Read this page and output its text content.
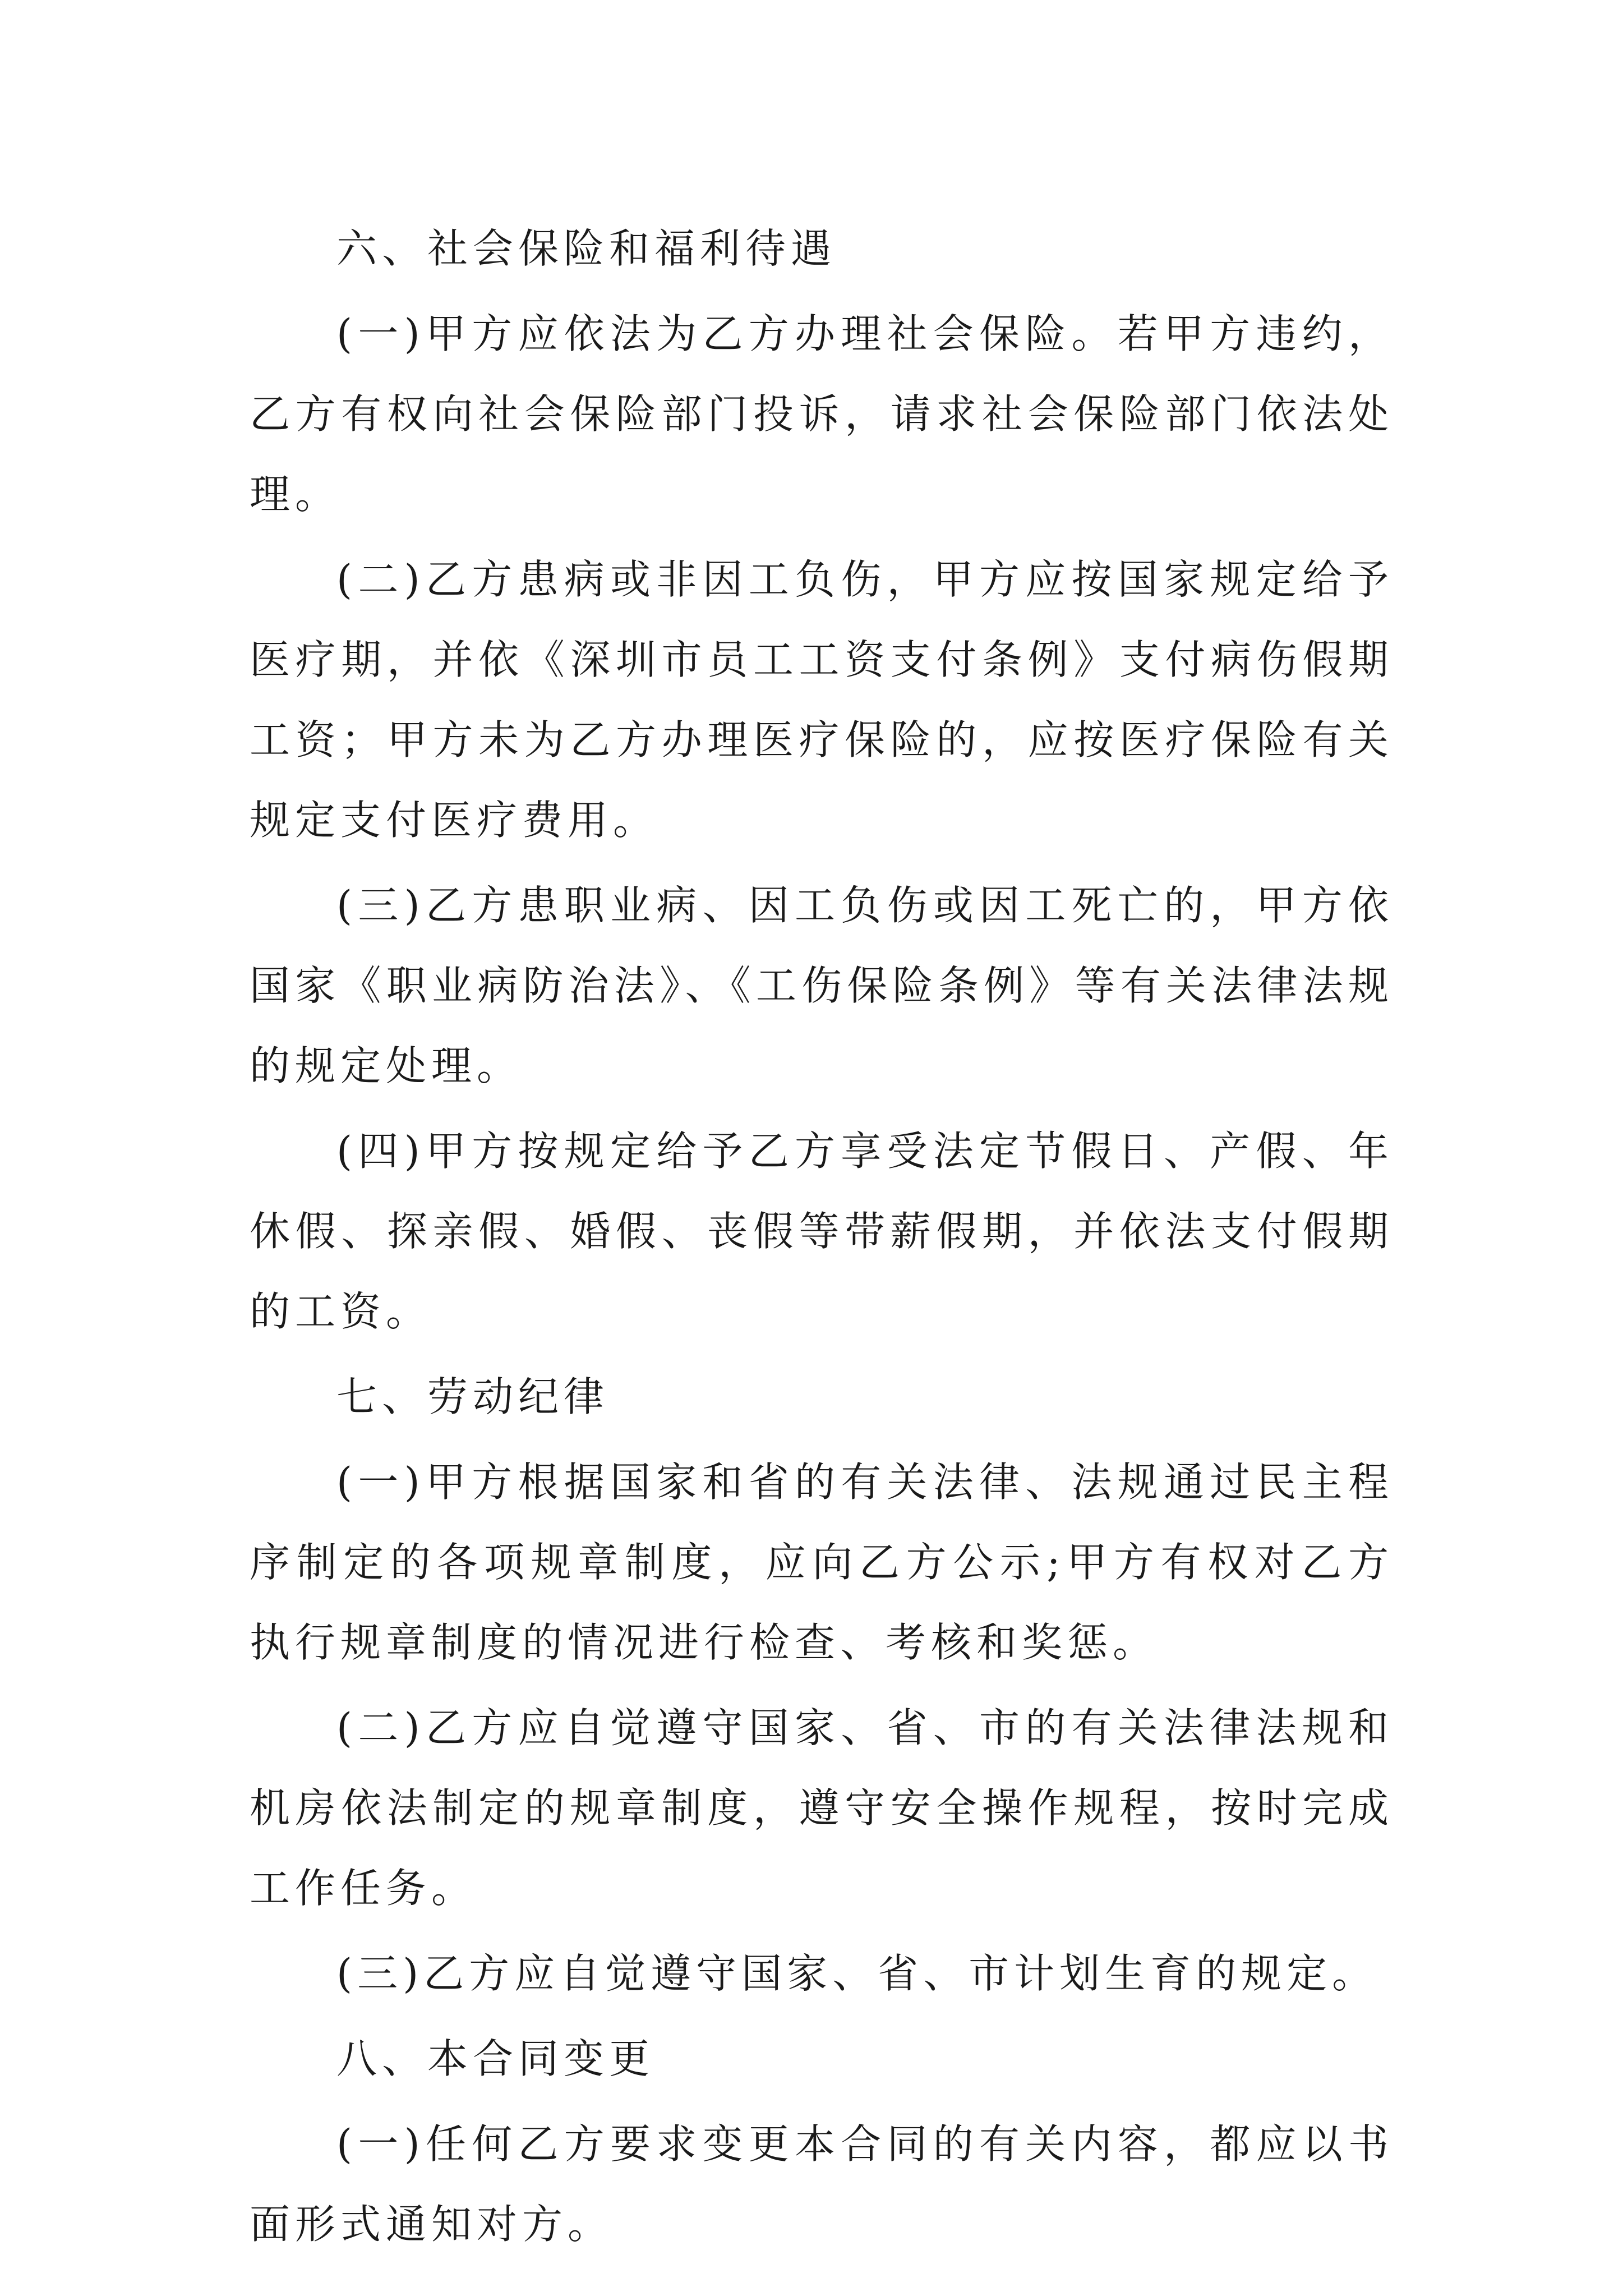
六、社会保险和福利待遇

(一)甲方应依法为乙方办理社会保险。若甲方违约，乙方有权向社会保险部门投诉，请求社会保险部门依法处理。

(二)乙方患病或非因工负伤，甲方应按国家规定给予医疗期，并依《深圳市员工工资支付条例》支付病伤假期工资；甲方未为乙方办理医疗保险的，应按医疗保险有关规定支付医疗费用。

(三)乙方患职业病、因工负伤或因工死亡的，甲方依国家《职业病防治法》、《工伤保险条例》等有关法律法规的规定处理。

(四)甲方按规定给予乙方享受法定节假日、产假、年休假、探亲假、婚假、丧假等带薪假期，并依法支付假期的工资。

七、劳动纪律

(一)甲方根据国家和省的有关法律、法规通过民主程序制定的各项规章制度，应向乙方公示;甲方有权对乙方执行规章制度的情况进行检查、考核和奖惩。

(二)乙方应自觉遵守国家、省、市的有关法律法规和机房依法制定的规章制度，遵守安全操作规程，按时完成工作任务。

(三)乙方应自觉遵守国家、省、市计划生育的规定。

八、本合同变更

(一)任何乙方要求变更本合同的有关内容，都应以书面形式通知对方。
